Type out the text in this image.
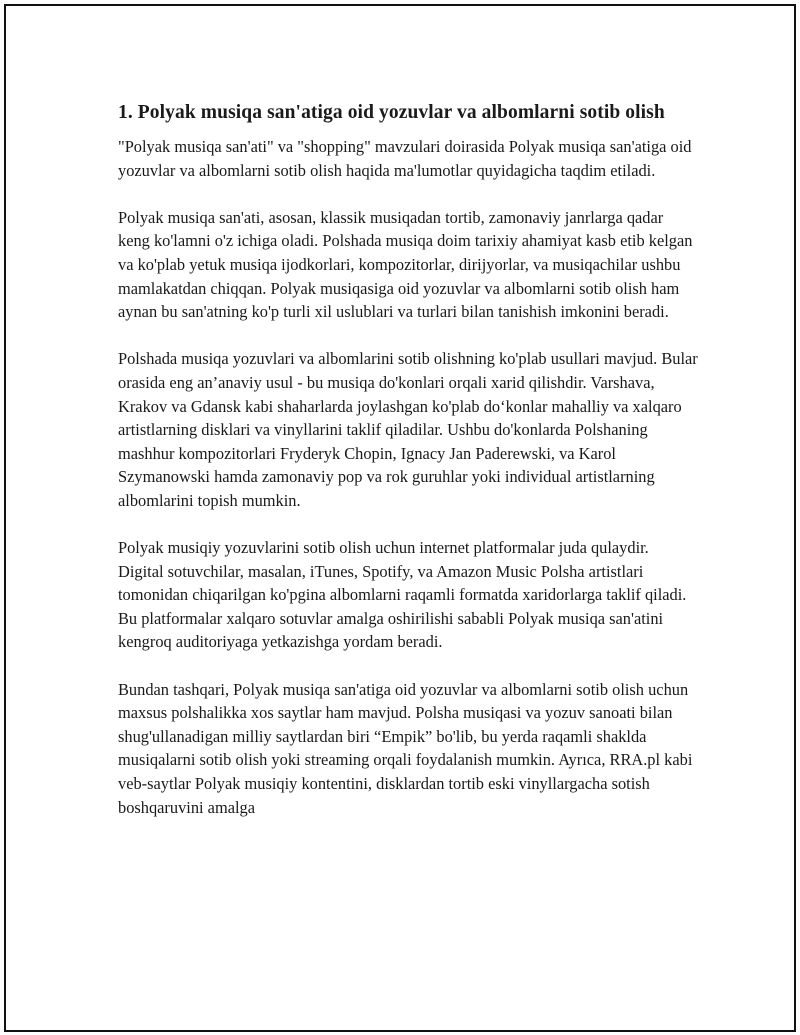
1. Polyak musiqa san'atiga oid yozuvlar va albomlarni sotib olish

"Polyak musiqa san'ati" va "shopping" mavzulari doirasida Polyak musiqa san'atiga oid yozuvlar va albomlarni sotib olish haqida ma'lumotlar quyidagicha taqdim etiladi.

Polyak musiqa san'ati, asosan, klassik musiqadan tortib, zamonaviy janrlarga qadar keng ko'lamni o'z ichiga oladi. Polshada musiqa doim tarixiy ahamiyat kasb etib kelgan va ko'plab yetuk musiqa ijodkorlari, kompozitorlar, dirijyorlar, va musiqachilar ushbu mamlakatdan chiqqan. Polyak musiqasiga oid yozuvlar va albomlarni sotib olish ham aynan bu san'atning ko'p turli xil uslublari va turlari bilan tanishish imkonini beradi.

Polshada musiqa yozuvlari va albomlarini sotib olishning ko'plab usullari mavjud. Bular orasida eng an’anaviy usul - bu musiqa do'konlari orqali xarid qilishdir. Varshava, Krakov va Gdansk kabi shaharlarda joylashgan ko'plab do‘konlar mahalliy va xalqaro artistlarning disklari va vinyllarini taklif qiladilar. Ushbu do'konlarda Polshaning mashhur kompozitorlari Fryderyk Chopin, Ignacy Jan Paderewski, va Karol Szymanowski hamda zamonaviy pop va rok guruhlar yoki individual artistlarning albomlarini topish mumkin.

Polyak musiqiy yozuvlarini sotib olish uchun internet platformalar juda qulaydir. Digital sotuvchilar, masalan, iTunes, Spotify, va Amazon Music Polsha artistlari tomonidan chiqarilgan ko'pgina albomlarni raqamli formatda xaridorlarga taklif qiladi. Bu platformalar xalqaro sotuvlar amalga oshirilishi sababli Polyak musiqa san'atini kengroq auditoriyaga yetkazishga yordam beradi.

Bundan tashqari, Polyak musiqa san'atiga oid yozuvlar va albomlarni sotib olish uchun maxsus polshalikka xos saytlar ham mavjud. Polsha musiqasi va yozuv sanoati bilan shug'ullanadigan milliy saytlardan biri “Empik” bo'lib, bu yerda raqamli shaklda musiqalarni sotib olish yoki streaming orqali foydalanish mumkin. Ayrıca, RRA.pl kabi veb-saytlar Polyak musiqiy kontentini, disklardan tortib eski vinyllargacha sotish boshqaruvini amalga
